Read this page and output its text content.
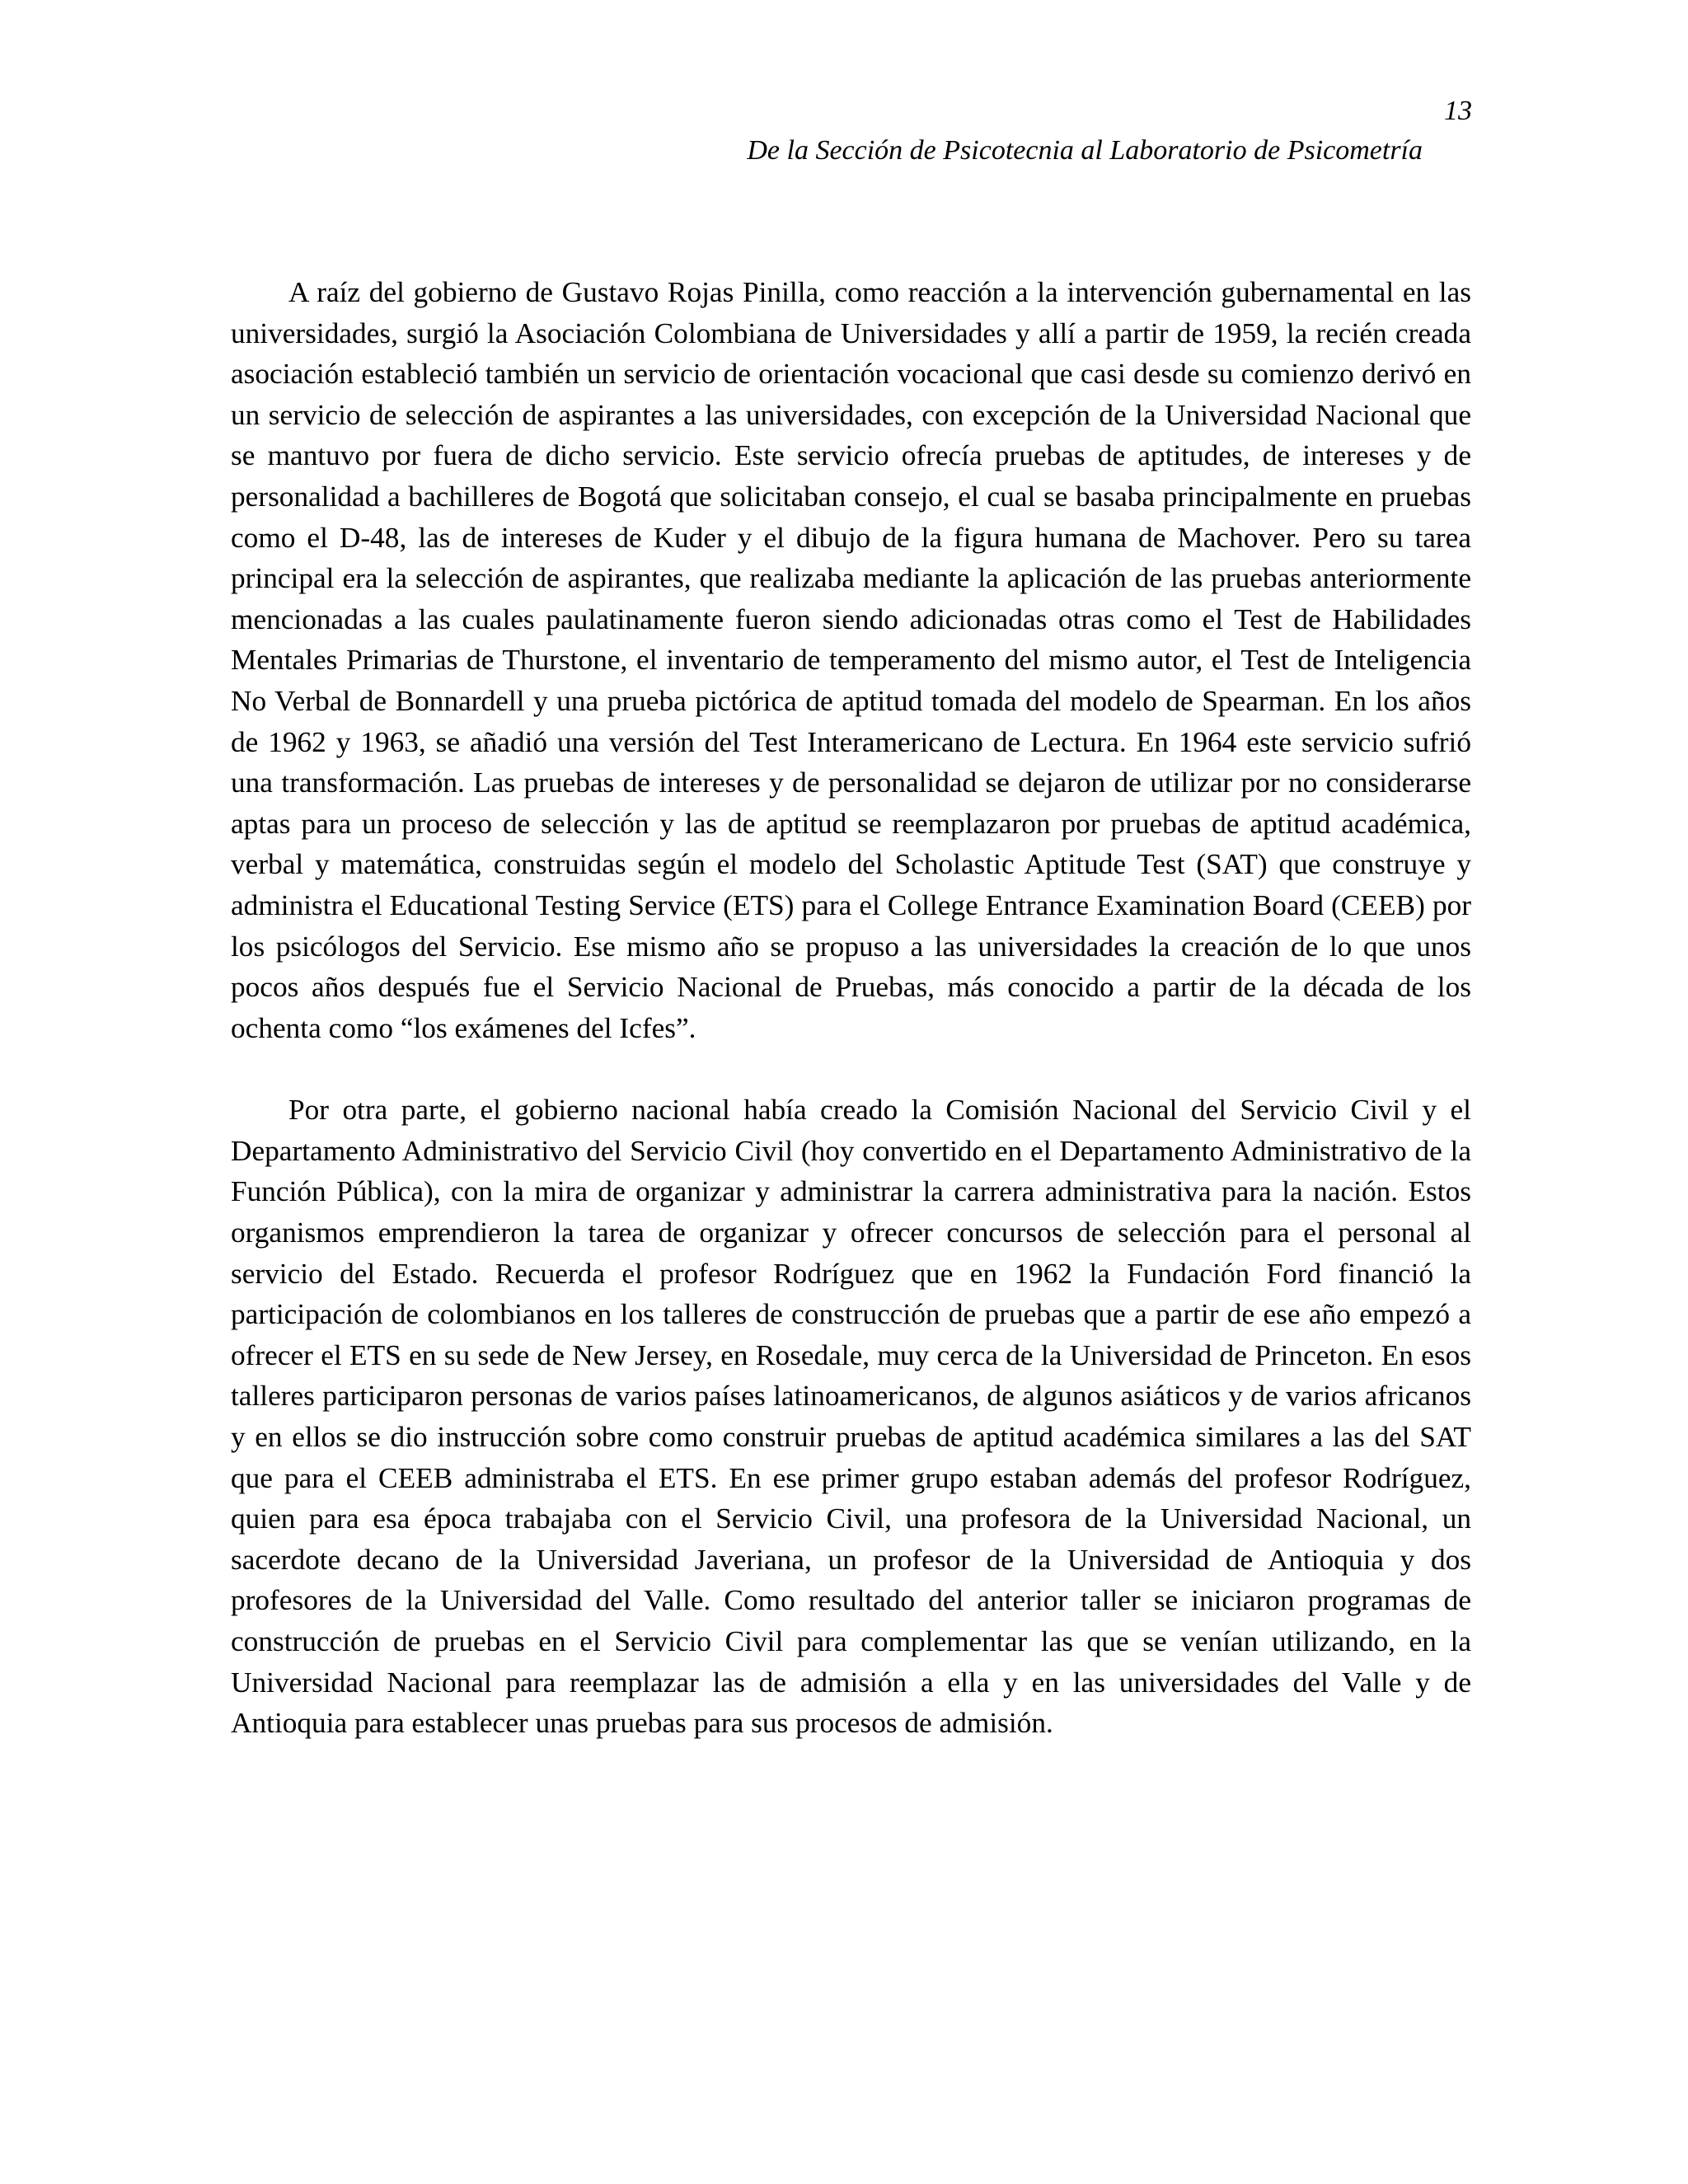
13
De la Sección de Psicotecnia al Laboratorio de Psicometría

A raíz del gobierno de Gustavo Rojas Pinilla, como reacción a la intervención gubernamental en las universidades, surgió la Asociación Colombiana de Universidades y allí a partir de 1959, la recién creada asociación estableció también un servicio de orientación vocacional que casi desde su comienzo derivó en un servicio de selección de aspirantes a las universidades, con excepción de la Universidad Nacional que se mantuvo por fuera de dicho servicio. Este servicio ofrecía pruebas de aptitudes, de intereses y de personalidad a bachilleres de Bogotá que solicitaban consejo, el cual se basaba principalmente en pruebas como el D-48, las de intereses de Kuder y el dibujo de la figura humana de Machover. Pero su tarea principal era la selección de aspirantes, que realizaba mediante la aplicación de las pruebas anteriormente mencionadas a las cuales paulatinamente fueron siendo adicionadas otras como el Test de Habilidades Mentales Primarias de Thurstone, el inventario de temperamento del mismo autor, el Test de Inteligencia No Verbal de Bonnardell y una prueba pictórica de aptitud tomada del modelo de Spearman. En los años de 1962 y 1963, se añadió una versión del Test Interamericano de Lectura. En 1964 este servicio sufrió una transformación. Las pruebas de intereses y de personalidad se dejaron de utilizar por no considerarse aptas para un proceso de selección y las de aptitud se reemplazaron por pruebas de aptitud académica, verbal y matemática, construidas según el modelo del Scholastic Aptitude Test (SAT) que construye y administra el Educational Testing Service (ETS) para el College Entrance Examination Board (CEEB) por los psicólogos del Servicio. Ese mismo año se propuso a las universidades la creación de lo que unos pocos años después fue el Servicio Nacional de Pruebas, más conocido a partir de la década de los ochenta como “los exámenes del Icfes”.

Por otra parte, el gobierno nacional había creado la Comisión Nacional del Servicio Civil y el Departamento Administrativo del Servicio Civil (hoy convertido en el Departamento Administrativo de la Función Pública), con la mira de organizar y administrar la carrera administrativa para la nación. Estos organismos emprendieron la tarea de organizar y ofrecer concursos de selección para el personal al servicio del Estado. Recuerda el profesor Rodríguez que en 1962 la Fundación Ford financió la participación de colombianos en los talleres de construcción de pruebas que a partir de ese año empezó a ofrecer el ETS en su sede de New Jersey, en Rosedale, muy cerca de la Universidad de Princeton. En esos talleres participaron personas de varios países latinoamericanos, de algunos asiáticos y de varios africanos y en ellos se dio instrucción sobre como construir pruebas de aptitud académica similares a las del SAT que para el CEEB administraba el ETS. En ese primer grupo estaban además del profesor Rodríguez, quien para esa época trabajaba con el Servicio Civil, una profesora de la Universidad Nacional, un sacerdote decano de la Universidad Javeriana, un profesor de la Universidad de Antioquia y dos profesores de la Universidad del Valle. Como resultado del anterior taller se iniciaron programas de construcción de pruebas en el Servicio Civil para complementar las que se venían utilizando, en la Universidad Nacional para reemplazar las de admisión a ella y en las universidades del Valle y de Antioquia para establecer unas pruebas para sus procesos de admisión.
